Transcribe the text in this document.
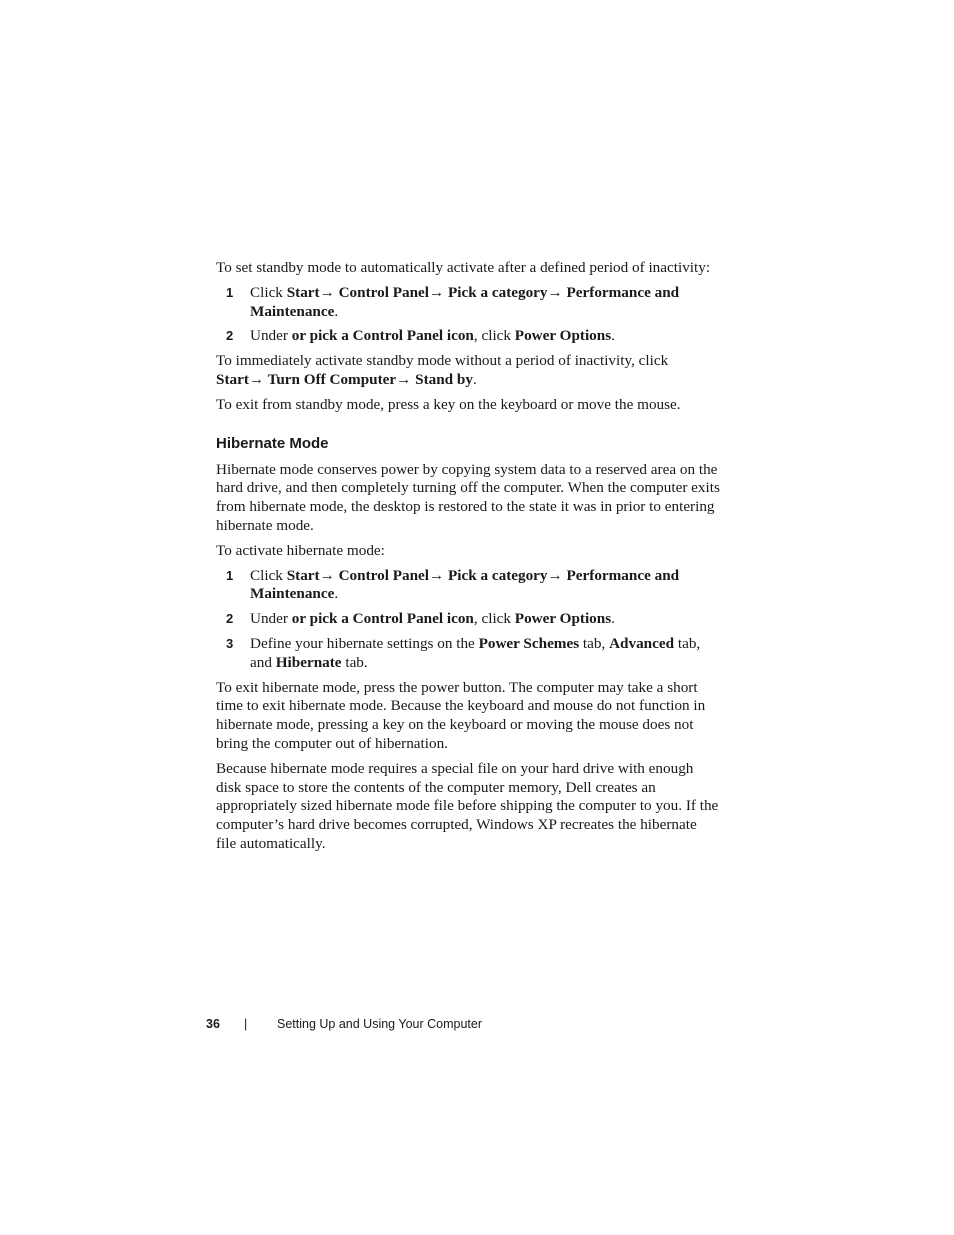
To set standby mode to automatically activate after a defined period of inactivity:

1 Click Start→ Control Panel→ Pick a category→ Performance and Maintenance.
2 Under or pick a Control Panel icon, click Power Options.

To immediately activate standby mode without a period of inactivity, click Start→ Turn Off Computer→ Stand by.

To exit from standby mode, press a key on the keyboard or move the mouse.

Hibernate Mode

Hibernate mode conserves power by copying system data to a reserved area on the hard drive, and then completely turning off the computer. When the computer exits from hibernate mode, the desktop is restored to the state it was in prior to entering hibernate mode.

To activate hibernate mode:

1 Click Start→ Control Panel→ Pick a category→ Performance and Maintenance.
2 Under or pick a Control Panel icon, click Power Options.
3 Define your hibernate settings on the Power Schemes tab, Advanced tab, and Hibernate tab.

To exit hibernate mode, press the power button. The computer may take a short time to exit hibernate mode. Because the keyboard and mouse do not function in hibernate mode, pressing a key on the keyboard or moving the mouse does not bring the computer out of hibernation.

Because hibernate mode requires a special file on your hard drive with enough disk space to store the contents of the computer memory, Dell creates an appropriately sized hibernate mode file before shipping the computer to you. If the computer’s hard drive becomes corrupted, Windows XP recreates the hibernate file automatically.

36 | Setting Up and Using Your Computer
